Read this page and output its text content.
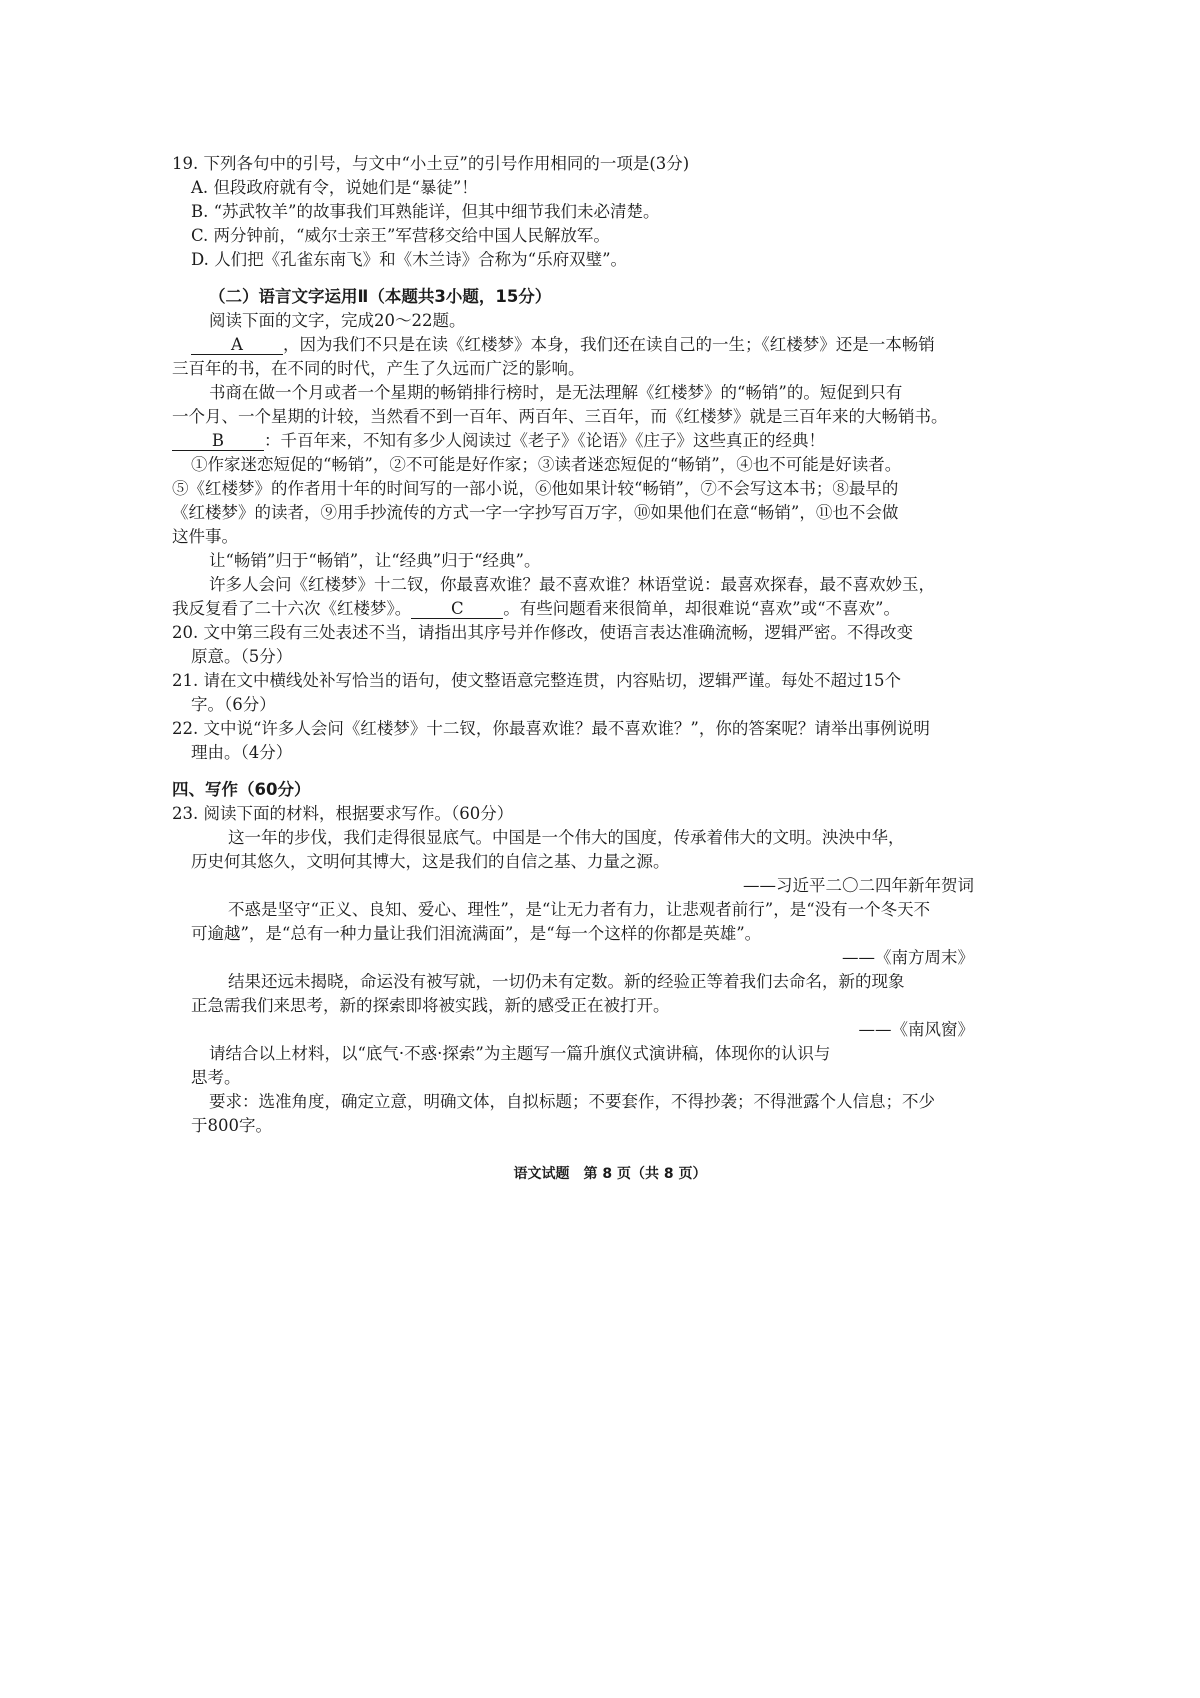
19. 下列各句中的引号，与文中“小土豆”的引号作用相同的一项是(3分)
A. 但段政府就有令，说她们是“暴徒”！
B. “苏武牧羊”的故事我们耳熟能详，但其中细节我们未必清楚。
C. 两分钟前，“威尔士亲王”军营移交给中国人民解放军。
D. 人们把《孔雀东南飞》和《木兰诗》合称为“乐府双璧”。
（二）语言文字运用Ⅱ（本题共3小题，15分）
阅读下面的文字，完成20～22题。
A ，因为我们不只是在读《红楼梦》本身，我们还在读自己的一生；《红楼梦》还是一本畅销
三百年的书，在不同的时代，产生了久远而广泛的影响。
书商在做一个月或者一个星期的畅销排行榜时，是无法理解《红楼梦》的“畅销”的。短促到只有
一个月、一个星期的计较，当然看不到一百年、两百年、三百年，而《红楼梦》就是三百年来的大畅销书。
B ：千百年来，不知有多少人阅读过《老子》《论语》《庄子》这些真正的经典！
①作家迷恋短促的“畅销”，②不可能是好作家；③读者迷恋短促的“畅销”，④也不可能是好读者。
⑤《红楼梦》的作者用十年的时间写的一部小说，⑥他如果计较“畅销”，⑦不会写这本书；⑧最早的
《红楼梦》的读者，⑨用手抄流传的方式一字一字抄写百万字，⑩如果他们在意“畅销”，⑪也不会做
这件事。
让“畅销”归于“畅销”，让“经典”归于“经典”。
许多人会问《红楼梦》十二钗，你最喜欢谁？最不喜欢谁？林语堂说：最喜欢探春，最不喜欢妙玉，
我反复看了二十六次《红楼梦》。 C 。有些问题看来很简单，却很难说“喜欢”或“不喜欢”。
20. 文中第三段有三处表述不当，请指出其序号并作修改，使语言表达准确流畅，逻辑严密。不得改变
原意。（5分）
21. 请在文中横线处补写恰当的语句，使文整语意完整连贯，内容贴切，逻辑严谨。每处不超过15个
字。（6分）
22. 文中说“许多人会问《红楼梦》十二钗，你最喜欢谁？最不喜欢谁？”，你的答案呢？请举出事例说明
理由。（4分）
四、写作（60分）
23. 阅读下面的材料，根据要求写作。（60分）
这一年的步伐，我们走得很显底气。中国是一个伟大的国度，传承着伟大的文明。泱泱中华，
历史何其悠久，文明何其博大，这是我们的自信之基、力量之源。
——习近平二〇二四年新年贺词
不惑是坚守“正义、良知、爱心、理性”，是“让无力者有力，让悲观者前行”，是“没有一个冬天不
可逾越”，是“总有一种力量让我们泪流满面”，是“每一个这样的你都是英雄”。
——《南方周末》
结果还远未揭晓，命运没有被写就，一切仍未有定数。新的经验正等着我们去命名，新的现象
正急需我们来思考，新的探索即将被实践，新的感受正在被打开。
——《南风窗》
请结合以上材料，以“底气·不惑·探索”为主题写一篇升旗仪式演讲稿，体现你的认识与
思考。
要求：选准角度，确定立意，明确文体，自拟标题；不要套作，不得抄袭；不得泄露个人信息；不少
于800字。
语文试题　第 8 页（共 8 页）
